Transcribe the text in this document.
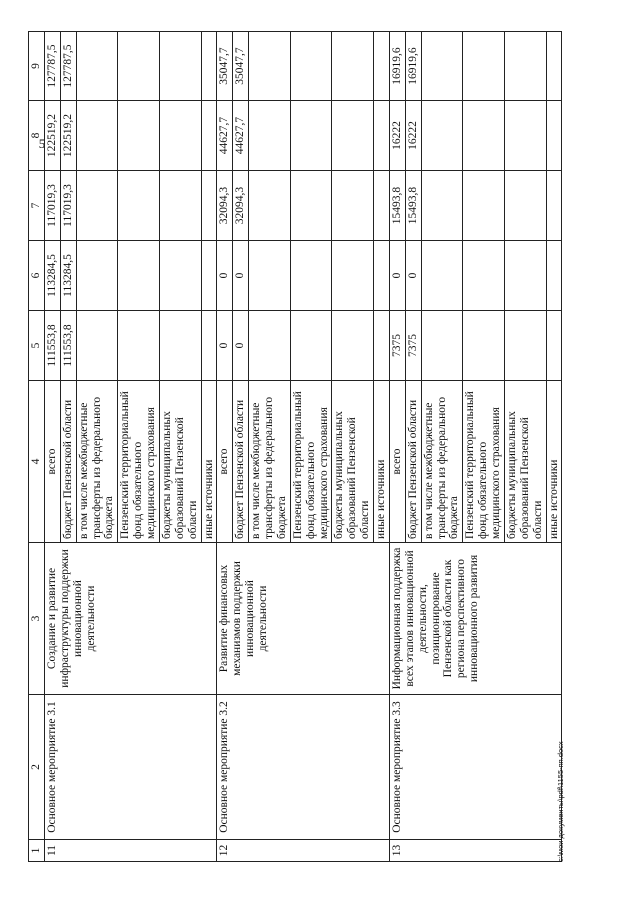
5
1	2	3	4	5	6	7	8	9
11	Основное мероприятие 3.1	Создание и развитие инфраструктуры поддержки инновационной деятельности	всего	111553,8	113284,5	117019,3	122519,2	127787,5
			бюджет Пензенской области	111553,8	113284,5	117019,3	122519,2	127787,5
			в том числе межбюджетные трансферты из федерального бюджета					
			Пензенский территориальный фонд обязательного медицинского страхования					
			бюджеты муниципальных образований Пензенской области					
			иные источники					
12	Основное мероприятие 3.2	Развитие финансовых механизмов поддержки инновационной деятельности	всего	0	0	32094,3	44627,7	35047,7
			бюджет Пензенской области	0	0	32094,3	44627,7	35047,7
			в том числе межбюджетные трансферты из федерального бюджета					
			Пензенский территориальный фонд обязательного медицинского страхования					
			бюджеты муниципальных образований Пензенской области					
			иные источники					
13	Основное мероприятие 3.3	Информационная поддержка всех этапов инновационной деятельности, позиционирование Пензенской области как региона перспективного инновационного развития	всего	7375	0	15493,8	16222	16919,6
			бюджет Пензенской области	7375	0	15493,8	16222	16919,6
			в том числе межбюджетные трансферты из федерального бюджета					
			Пензенский территориальный фонд обязательного медицинского страхования					
			бюджеты муниципальных образований Пензенской области					
			иные источники					
c:\мои документы\pdf\1155-пп.docx
